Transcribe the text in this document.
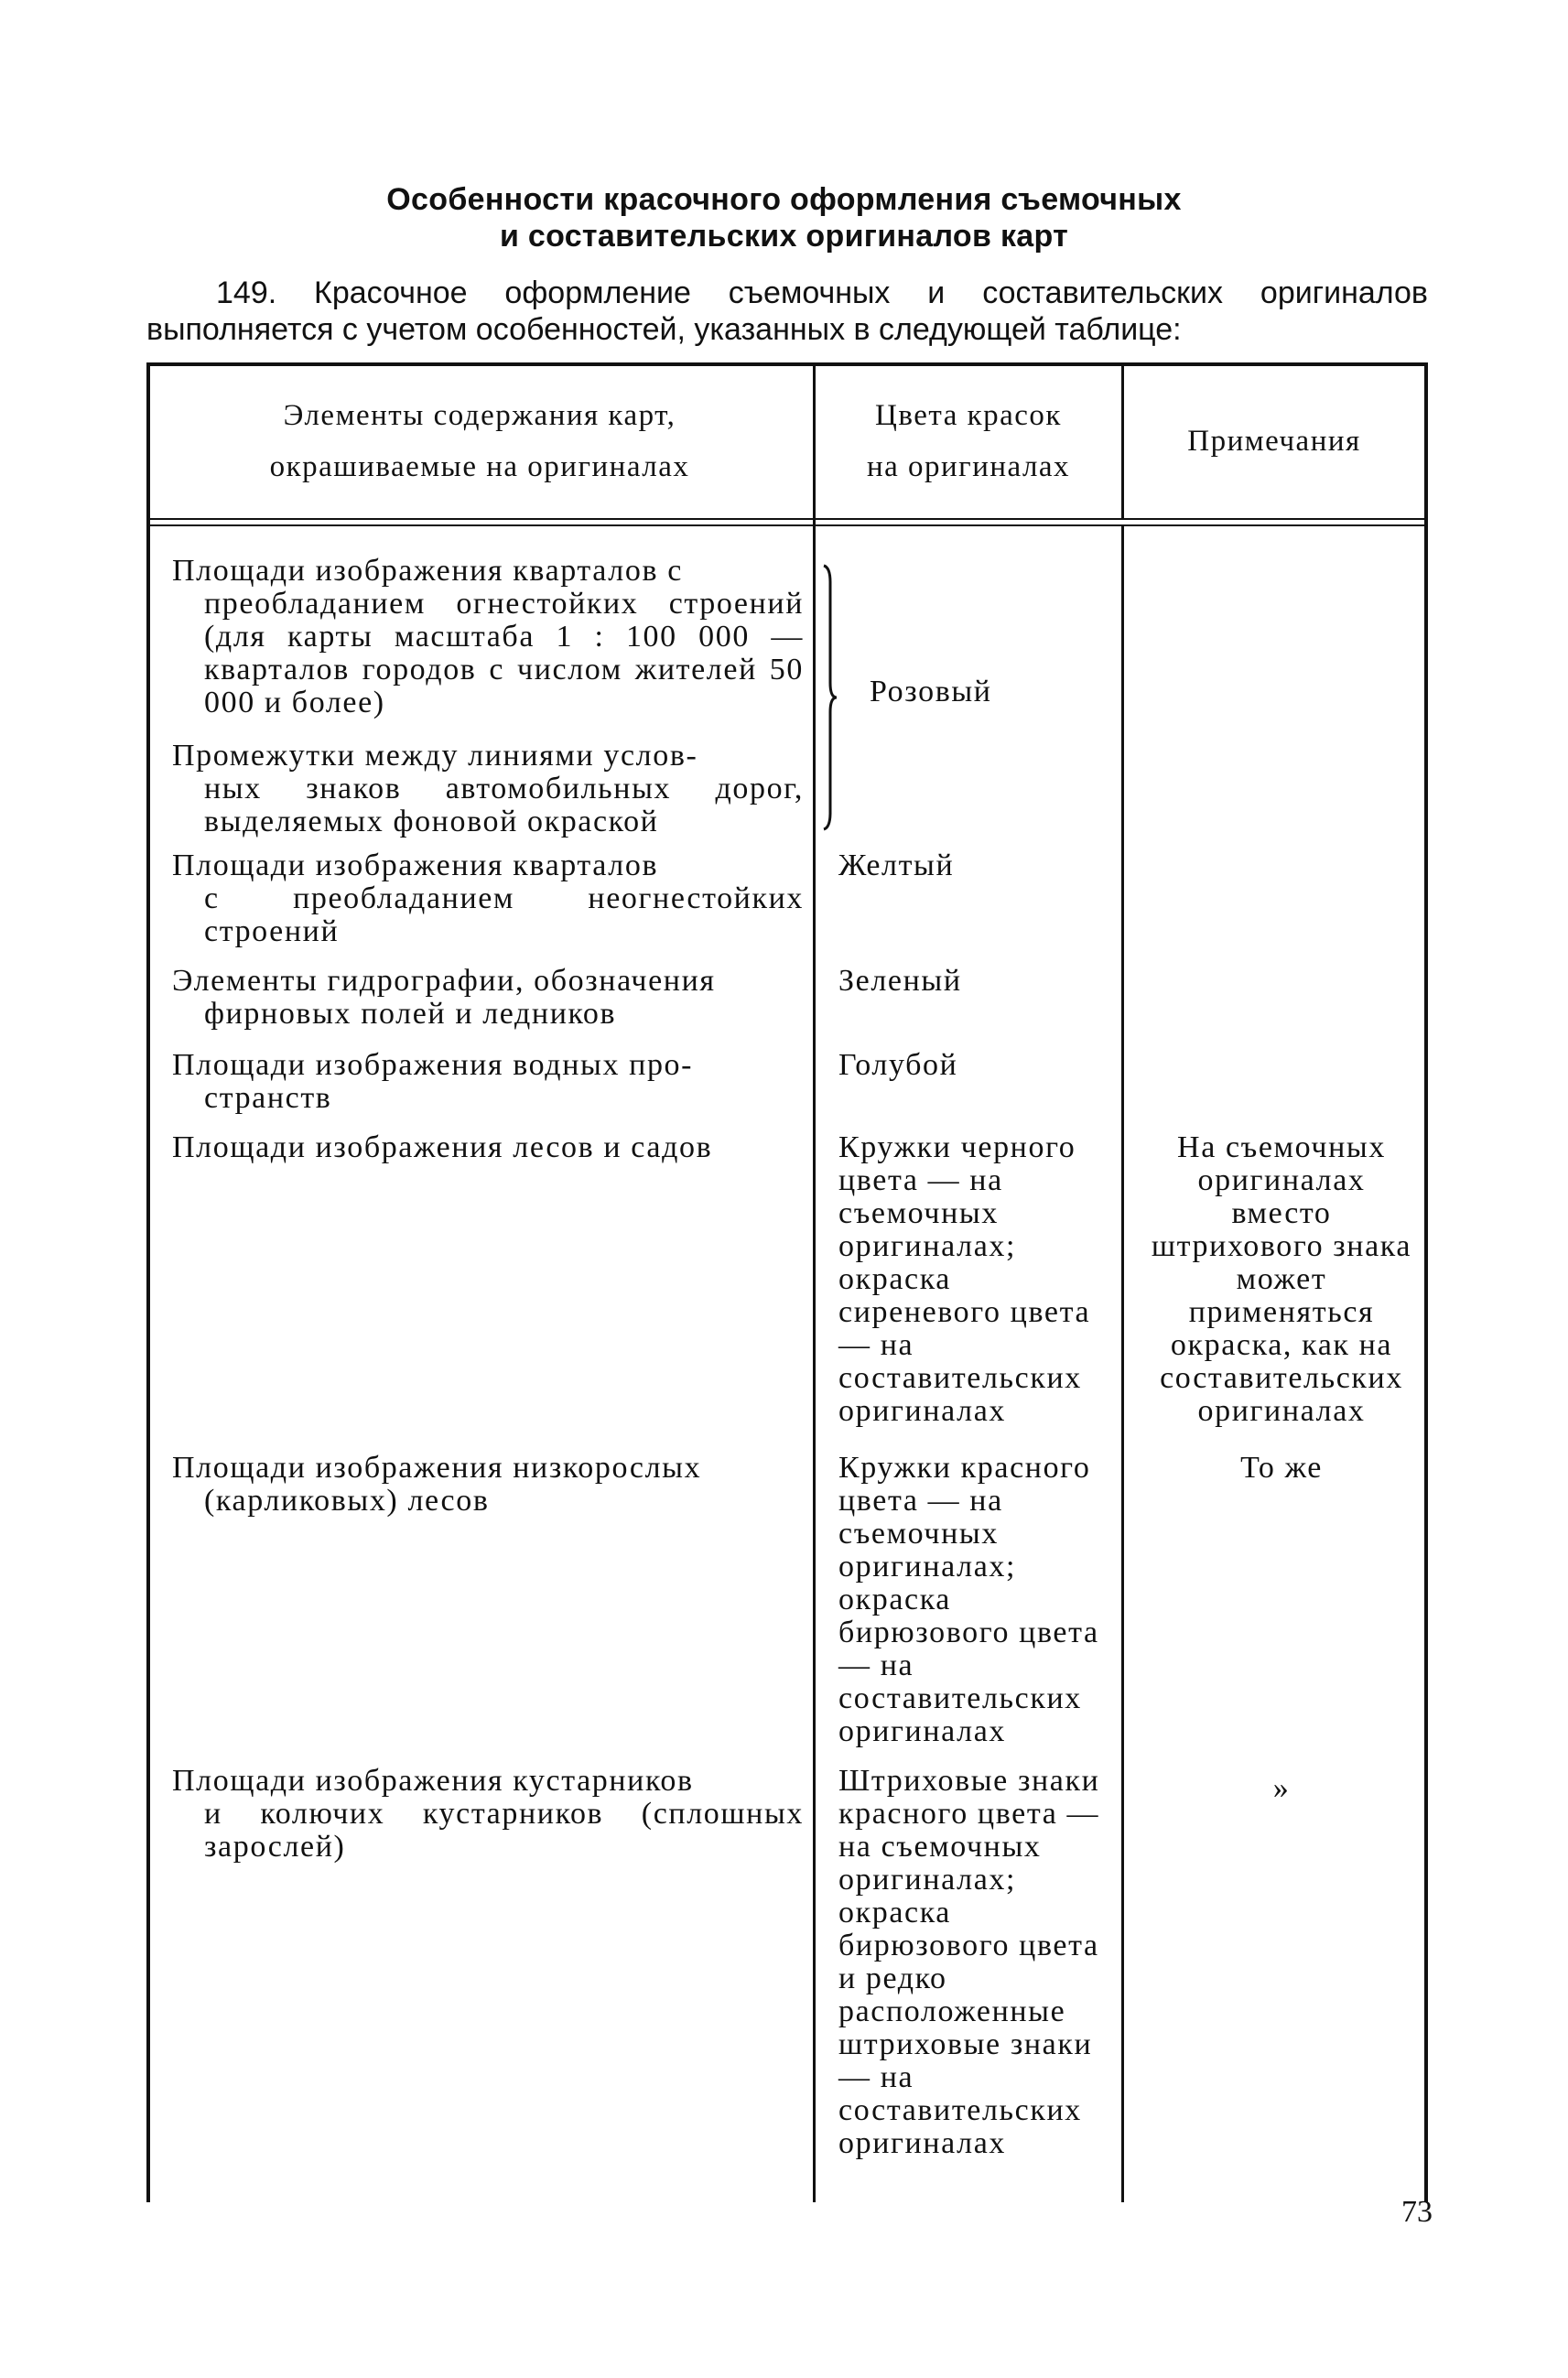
Особенности красочного оформления съемочных
и составительских оригиналов карт
149. Красочное оформление съемочных и составительских оригиналов выполняется с учетом особенностей, указанных в следующей таблице:
Элементы содержания карт,
окрашиваемые на оригиналах
Цвета красок
на оригиналах
Примечания
Площади изображения кварталов с
преобладанием огнестойких строений (для карты масштаба 1 : 100 000 — кварталов городов с числом жителей 50 000 и более)
Промежутки между линиями услов-
ных знаков автомобильных дорог, выделяемых фоновой окраской
Розовый
Площади изображения кварталов
с преобладанием неогнестойких строений
Желтый
Элементы гидрографии, обозначения
фирновых полей и ледников
Зеленый
Площади изображения водных про-
странств
Голубой
Площади изображения лесов и садов	Кружки черного цвета — на съемочных оригиналах; окраска сиреневого цвета — на составительских оригиналах
На съемочных оригиналах вместо штрихового знака может применяться окраска, как на составительских оригиналах
Площади изображения низкорослых
(карликовых) лесов
Кружки красного цвета — на съемочных оригиналах; окраска бирюзового цвета — на составительских оригиналах
То же
Площади изображения кустарников
и колючих кустарников (сплошных зарослей)
Штриховые знаки красного цвета — на съемочных оригиналах; окраска бирюзового цвета и редко расположенные штриховые знаки — на составительских оригиналах
»
73
